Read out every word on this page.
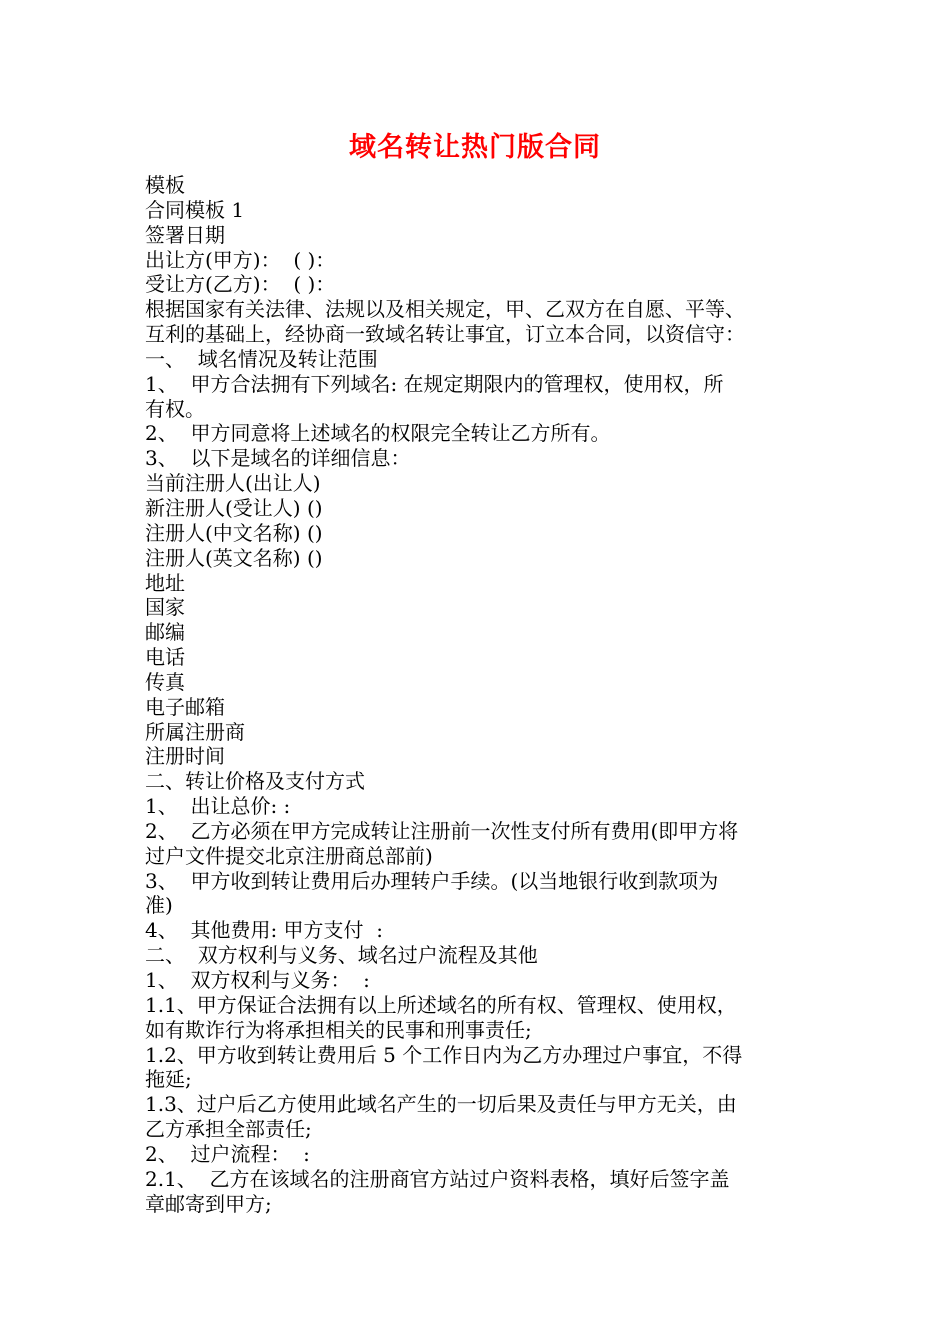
域名转让热门版合同
模板
合同模板 1
签署日期
出让方(甲方)：  ( )：
受让方(乙方)：  ( )：
根据国家有关法律、法规以及相关规定，甲、乙双方在自愿、平等、
互利的基础上，经协商一致域名转让事宜，订立本合同，以资信守：
一、  域名情况及转让范围
1、  甲方合法拥有下列域名: 在规定期限内的管理权，使用权，所
有权。
2、  甲方同意将上述域名的权限完全转让乙方所有。
3、  以下是域名的详细信息：
当前注册人(出让人)
新注册人(受让人) ()
注册人(中文名称) ()
注册人(英文名称) ()
地址
国家
邮编
电话
传真
电子邮箱
所属注册商
注册时间
二、转让价格及支付方式
1、  出让总价: :
2、  乙方必须在甲方完成转让注册前一次性支付所有费用(即甲方将
过户文件提交北京注册商总部前)
3、  甲方收到转让费用后办理转户手续。(以当地银行收到款项为
准)
4、  其他费用: 甲方支付  :
二、  双方权利与义务、域名过户流程及其他
1、  双方权利与义务：  :
1.1、甲方保证合法拥有以上所述域名的所有权、管理权、使用权，
如有欺诈行为将承担相关的民事和刑事责任;
1.2、甲方收到转让费用后 5 个工作日内为乙方办理过户事宜，不得
拖延;
1.3、过户后乙方使用此域名产生的一切后果及责任与甲方无关，由
乙方承担全部责任;
2、  过户流程：  :
2.1、  乙方在该域名的注册商官方站过户资料表格，填好后签字盖
章邮寄到甲方;
